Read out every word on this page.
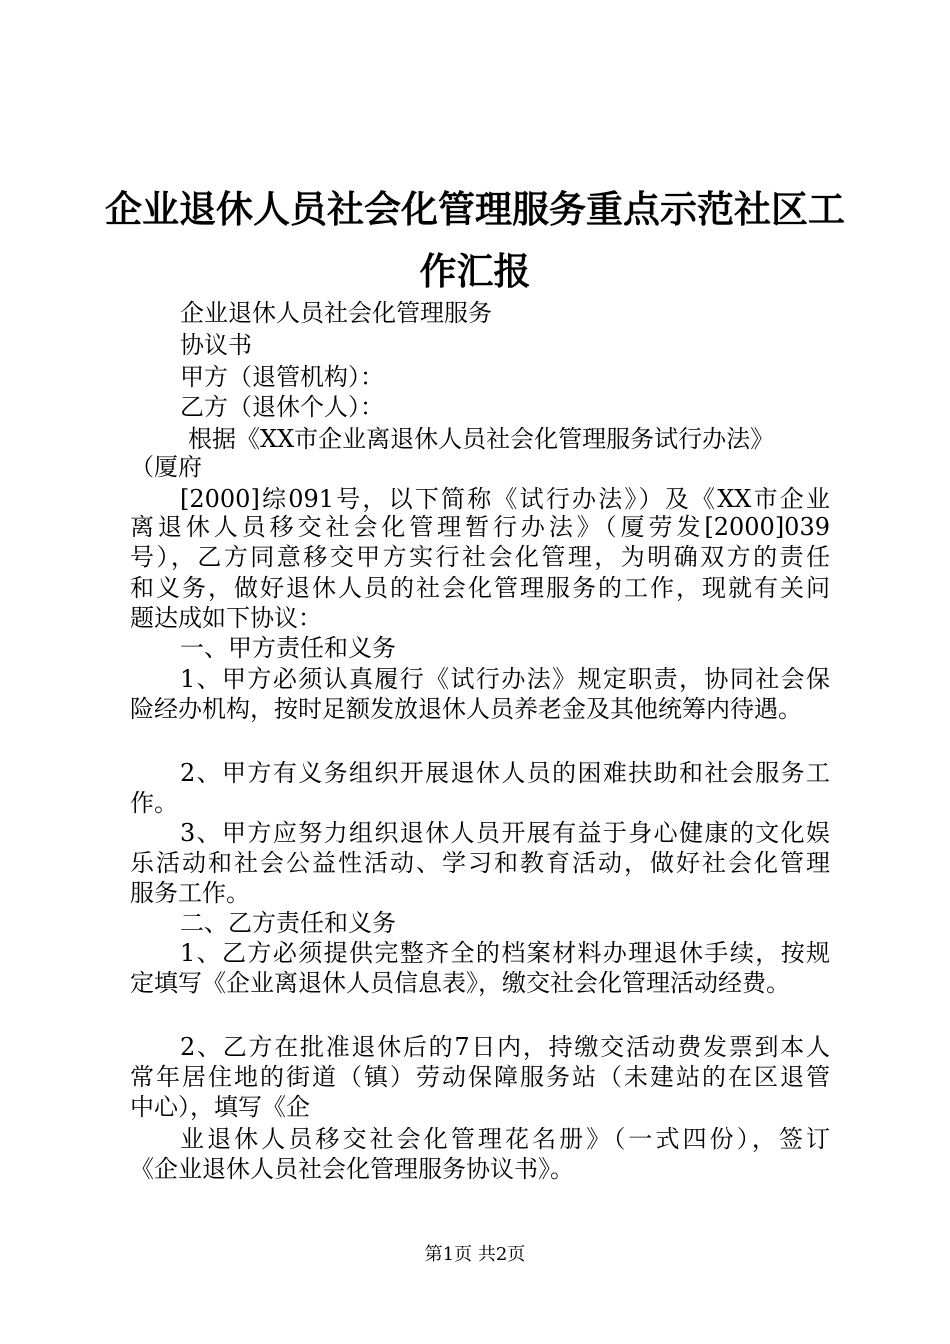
企业退休人员社会化管理服务重点示范社区工
作汇报

企业退休人员社会化管理服务

协议书

甲方（退管机构）：

乙方（退休个人）：

根据《XX市企业离退休人员社会化管理服务试行办法》

（厦府

[2000]综091号，以下简称《试行办法》）及《XX市企业

离退休人员移交社会化管理暂行办法》（厦劳发[2000]039

号），乙方同意移交甲方实行社会化管理，为明确双方的责任

和义务，做好退休人员的社会化管理服务的工作，现就有关问

题达成如下协议：

一、甲方责任和义务

1、甲方必须认真履行《试行办法》规定职责，协同社会保

险经办机构，按时足额发放退休人员养老金及其他统筹内待遇。

2、甲方有义务组织开展退休人员的困难扶助和社会服务工

作。

3、甲方应努力组织退休人员开展有益于身心健康的文化娱

乐活动和社会公益性活动、学习和教育活动，做好社会化管理

服务工作。

二、乙方责任和义务

1、乙方必须提供完整齐全的档案材料办理退休手续，按规

定填写《企业离退休人员信息表》，缴交社会化管理活动经费。

2、乙方在批准退休后的7日内，持缴交活动费发票到本人

常年居住地的街道（镇）劳动保障服务站（未建站的在区退管

中心），填写《企

业退休人员移交社会化管理花名册》（一式四份），签订

《企业退休人员社会化管理服务协议书》。

第1页 共2页
